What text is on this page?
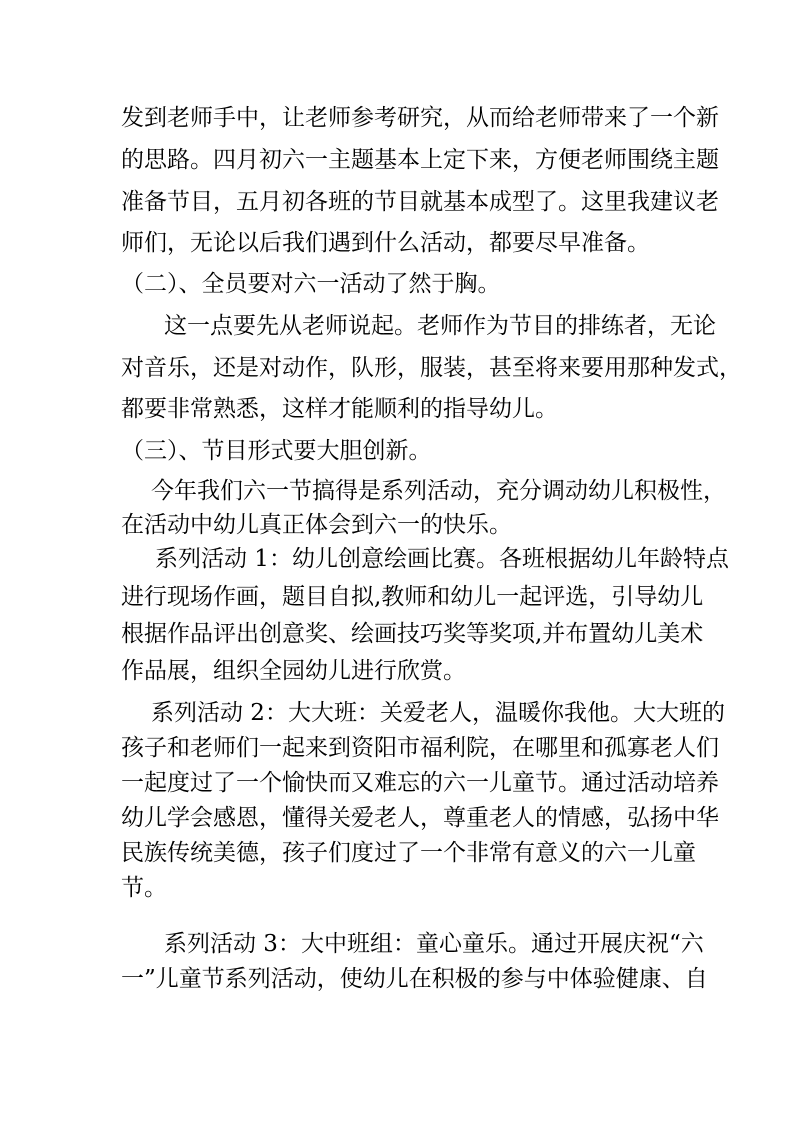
发到老师手中，让老师参考研究，从而给老师带来了一个新
的思路。四月初六一主题基本上定下来，方便老师围绕主题
准备节目，五月初各班的节目就基本成型了。这里我建议老
师们，无论以后我们遇到什么活动，都要尽早准备。
（二）、全员要对六一活动了然于胸。
这一点要先从老师说起。老师作为节目的排练者，无论
对音乐，还是对动作，队形，服装，甚至将来要用那种发式，
都要非常熟悉，这样才能顺利的指导幼儿。
（三）、节目形式要大胆创新。
今年我们六一节搞得是系列活动，充分调动幼儿积极性，
在活动中幼儿真正体会到六一的快乐。
系列活动 1：幼儿创意绘画比赛。各班根据幼儿年龄特点
进行现场作画，题目自拟,教师和幼儿一起评选，引导幼儿
根据作品评出创意奖、绘画技巧奖等奖项,并布置幼儿美术
作品展，组织全园幼儿进行欣赏。
系列活动 2：大大班：关爱老人，温暖你我他。大大班的
孩子和老师们一起来到资阳市福利院，在哪里和孤寡老人们
一起度过了一个愉快而又难忘的六一儿童节。通过活动培养
幼儿学会感恩，懂得关爱老人，尊重老人的情感，弘扬中华
民族传统美德，孩子们度过了一个非常有意义的六一儿童
节。
系列活动 3：大中班组：童心童乐。通过开展庆祝“六
一”儿童节系列活动，使幼儿在积极的参与中体验健康、自
